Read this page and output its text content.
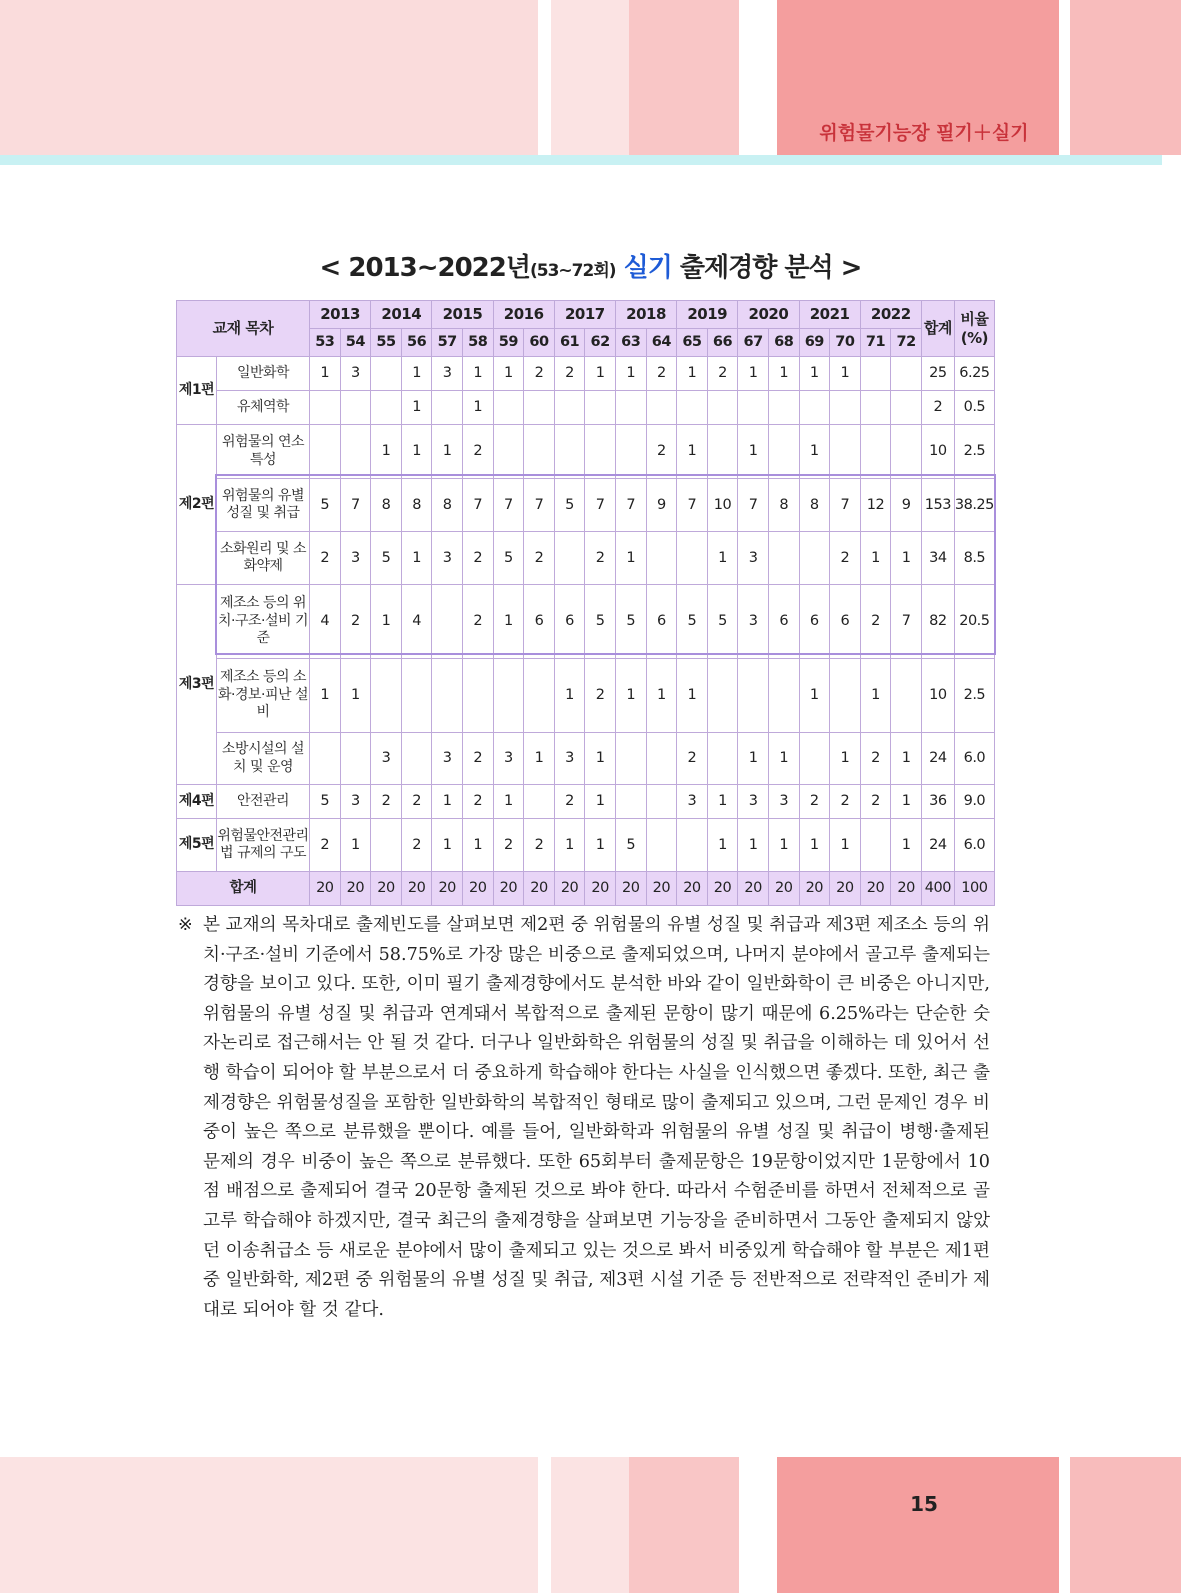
위험물기능장 필기＋실기
< 2013~2022년(53~72회) 실기 출제경향 분석 >
교재 목차		2013		2014		2015		2016		2017		2018		2019		2020		2021		2022		합계	비율 (%)
		53	54	55	56	57	58	59	60	61	62	63	64	65	66	67	68	69	70	71	72		
제1편	일반화학	1	3		1	3	1	1	2	2	1	1	2	1	2	1	1	1	1			25	6.25
	유체역학				1		1															2	0.5
제2편	위험물의 연소 특성			1	1	1	2						2	1		1		1				10	2.5
	위험물의 유별 성질 및 취급	5	7	8	8	8	7	7	7	5	7	7	9	7	10	7	8	8	7	12	9	153	38.25
	소화원리 및 소화약제	2	3	5	1	3	2	5	2		2	1			1	3			2	1	1	34	8.5
제3편	제조소 등의 위치·구조·설비 기준	4	2	1	4		2	1	6	6	5	5	6	5	5	3	6	6	6	2	7	82	20.5
	제조소 등의 소화·경보·피난 설비	1	1							1	2	1	1	1				1		1		10	2.5
	소방시설의 설치 및 운영			3		3	2	3	1	3	1			2		1	1		1	2	1	24	6.0
제4편	안전관리	5	3	2	2	1	2	1		2	1			3	1	3	3	2	2	2	1	36	9.0
제5편	위험물안전관리법 규제의 구도	2	1		2	1	1	2	2	1	1	5			1	1	1	1	1		1	24	6.0
합계		20	20	20	20	20	20	20	20	20	20	20	20	20	20	20	20	20	20	20	20	400	100
※ 본 교재의 목차대로 출제빈도를 살펴보면 제2편 중 위험물의 유별 성질 및 취급과 제3편 제조소 등의 위치·구조·설비 기준에서 58.75%로 가장 많은 비중으로 출제되었으며, 나머지 분야에서 골고루 출제되는 경향을 보이고 있다. 또한, 이미 필기 출제경향에서도 분석한 바와 같이 일반화학이 큰 비중은 아니지만, 위험물의 유별 성질 및 취급과 연계돼서 복합적으로 출제된 문항이 많기 때문에 6.25%라는 단순한 숫자논리로 접근해서는 안 될 것 같다. 더구나 일반화학은 위험물의 성질 및 취급을 이해하는 데 있어서 선행 학습이 되어야 할 부분으로서 더 중요하게 학습해야 한다는 사실을 인식했으면 좋겠다. 또한, 최근 출제경향은 위험물성질을 포함한 일반화학의 복합적인 형태로 많이 출제되고 있으며, 그런 문제인 경우 비중이 높은 쪽으로 분류했을 뿐이다. 예를 들어, 일반화학과 위험물의 유별 성질 및 취급이 병행·출제된 문제의 경우 비중이 높은 쪽으로 분류했다. 또한 65회부터 출제문항은 19문항이었지만 1문항에서 10점 배점으로 출제되어 결국 20문항 출제된 것으로 봐야 한다. 따라서 수험준비를 하면서 전체적으로 골고루 학습해야 하겠지만, 결국 최근의 출제경향을 살펴보면 기능장을 준비하면서 그동안 출제되지 않았던 이송취급소 등 새로운 분야에서 많이 출제되고 있는 것으로 봐서 비중있게 학습해야 할 부분은 제1편 중 일반화학, 제2편 중 위험물의 유별 성질 및 취급, 제3편 시설 기준 등 전반적으로 전략적인 준비가 제대로 되어야 할 것 같다.
15
